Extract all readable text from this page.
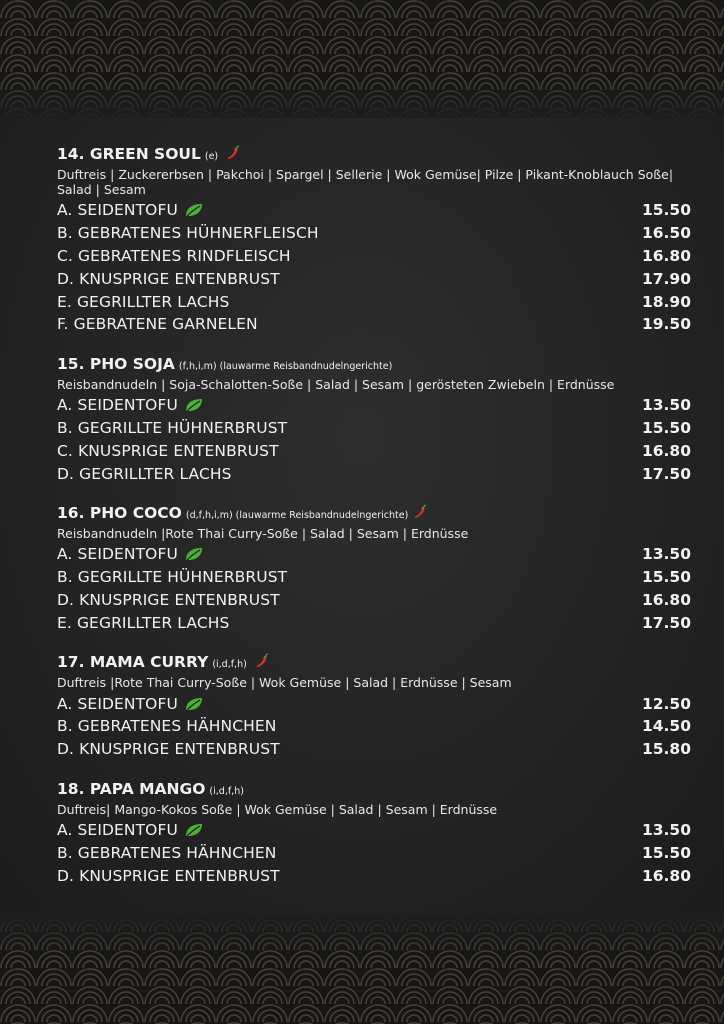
14. GREEN SOUL (e)
Duftreis | Zuckererbsen | Pakchoi | Spargel | Sellerie | Wok Gemüse| Pilze | Pikant-Knoblauch Soße| Salad | Sesam
A. SEIDENTOFU	15.50
B. GEBRATENES HÜHNERFLEISCH	16.50
C. GEBRATENES RINDFLEISCH	16.80
D. KNUSPRIGE ENTENBRUST	17.90
E. GEGRILLTER LACHS	18.90
F. GEBRATENE GARNELEN	19.50
15. PHO SOJA (f,h,i,m) (lauwarme Reisbandnudelngerichte)
Reisbandnudeln | Soja-Schalotten-Soße | Salad | Sesam | gerösteten Zwiebeln | Erdnüsse
A. SEIDENTOFU	13.50
B. GEGRILLTE HÜHNERBRUST	15.50
C. KNUSPRIGE ENTENBRUST	16.80
D. GEGRILLTER LACHS	17.50
16. PHO COCO (d,f,h,i,m) (lauwarme Reisbandnudelngerichte)
Reisbandnudeln |Rote Thai Curry-Soße | Salad | Sesam | Erdnüsse
A. SEIDENTOFU	13.50
B. GEGRILLTE HÜHNERBRUST	15.50
D. KNUSPRIGE ENTENBRUST	16.80
E. GEGRILLTER LACHS	17.50
17. MAMA CURRY (i,d,f,h)
Duftreis |Rote Thai Curry-Soße | Wok Gemüse | Salad | Erdnüsse | Sesam
A. SEIDENTOFU	12.50
B. GEBRATENES HÄHNCHEN	14.50
D. KNUSPRIGE ENTENBRUST	15.80
18. PAPA MANGO (i,d,f,h)
Duftreis| Mango-Kokos Soße | Wok Gemüse | Salad | Sesam | Erdnüsse
A. SEIDENTOFU	13.50
B. GEBRATENES HÄHNCHEN	15.50
D. KNUSPRIGE ENTENBRUST	16.80
